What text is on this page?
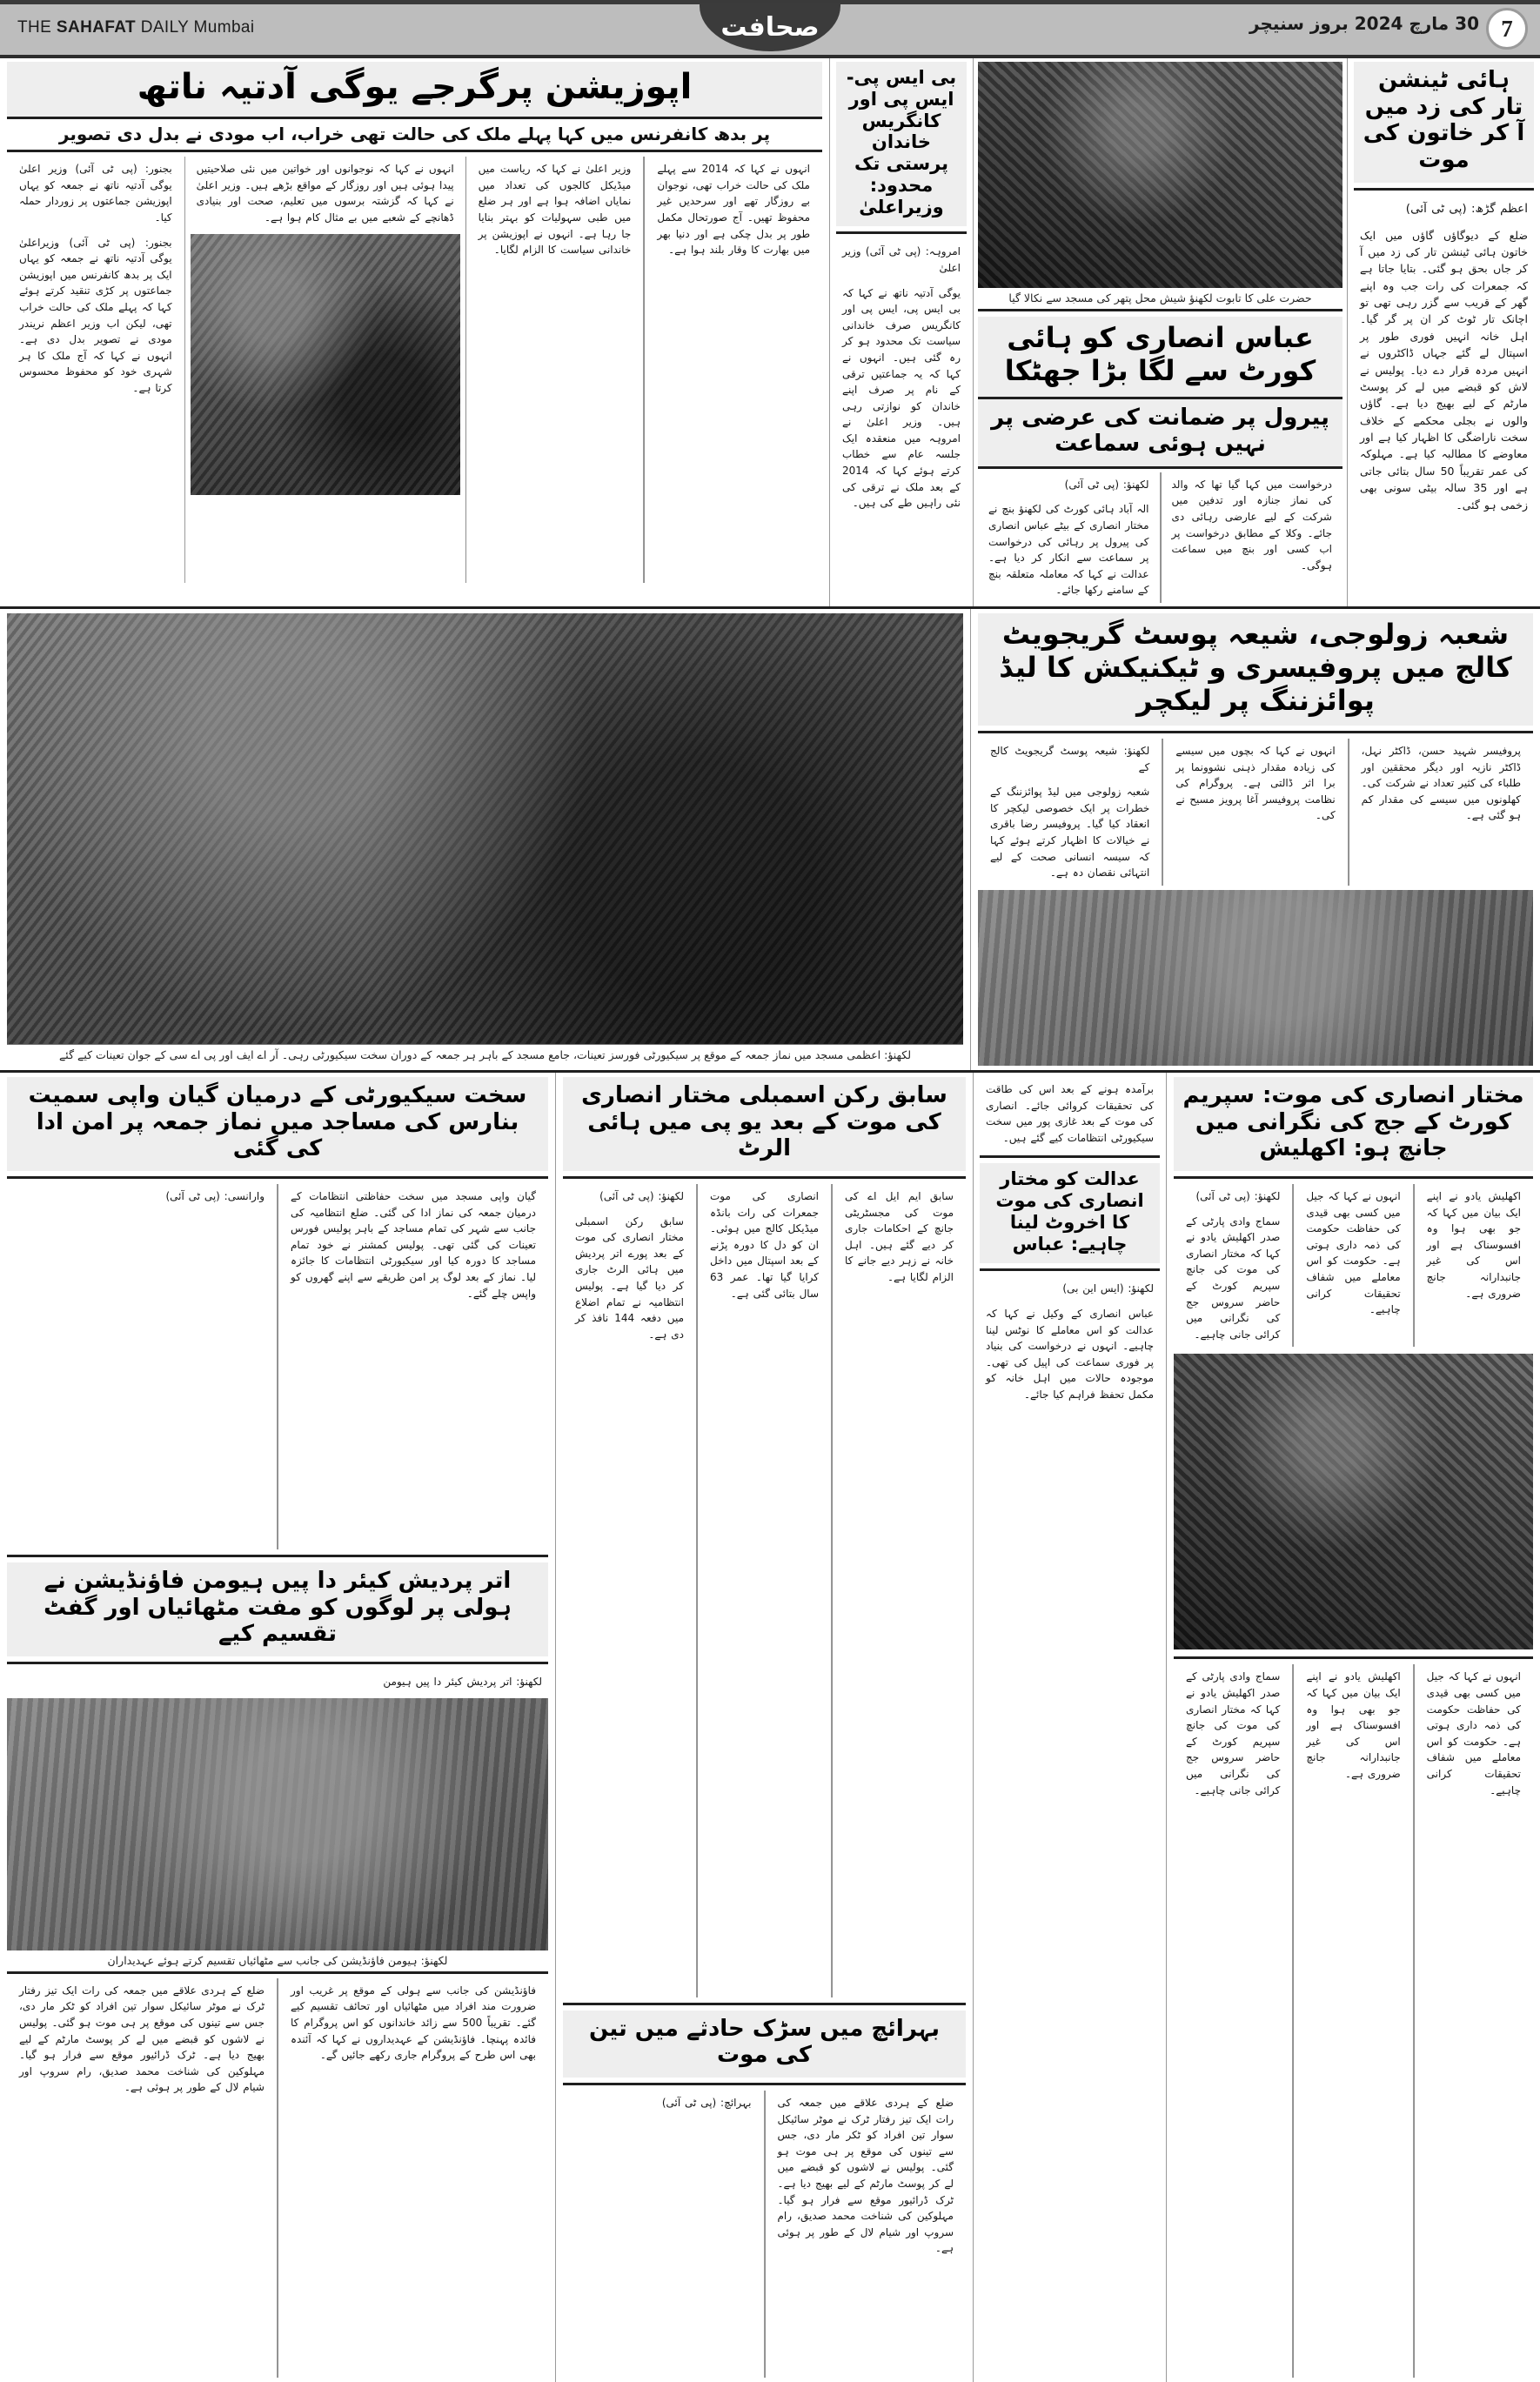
7
30 مارچ 2024 بروز سنیچر
صحافت
THE SAHAFAT DAILY Mumbai
ہائی ٹینشن تار کی زد میں آ کر خاتون کی موت
اعظم گڑھ: (پی ٹی آئی)
ضلع کے دیوگاؤں گاؤں میں ایک خاتون ہائی ٹینشن تار کی زد میں آ کر جاں بحق ہو گئی۔ بتایا جاتا ہے کہ جمعرات کی رات جب وہ اپنے گھر کے قریب سے گزر رہی تھی تو اچانک تار ٹوٹ کر ان پر گر گیا۔ اہل خانہ انہیں فوری طور پر اسپتال لے گئے جہاں ڈاکٹروں نے انہیں مردہ قرار دے دیا۔ پولیس نے لاش کو قبضے میں لے کر پوسٹ مارٹم کے لیے بھیج دیا ہے۔ گاؤں والوں نے بجلی محکمے کے خلاف سخت ناراضگی کا اظہار کیا ہے اور معاوضے کا مطالبہ کیا ہے۔ مہلوکہ کی عمر تقریباً 50 سال بتائی جاتی ہے اور 35 سالہ بیٹی سونی بھی زخمی ہو گئی۔
حضرت علی کا تابوت لکھنؤ شیش محل پتھر کی مسجد سے نکالا گیا
عباس انصاری کو ہائی کورٹ سے لگا بڑا جھٹکا
پیرول پر ضمانت کی عرضی پر نہیں ہوئی سماعت
درخواست میں کہا گیا تھا کہ والد کی نماز جنازہ اور تدفین میں شرکت کے لیے عارضی رہائی دی جائے۔ وکلا کے مطابق درخواست پر اب کسی اور بنچ میں سماعت ہوگی۔
لکھنؤ: (پی ٹی آئی)
الہ آباد ہائی کورٹ کی لکھنؤ بنچ نے مختار انصاری کے بیٹے عباس انصاری کی پیرول پر رہائی کی درخواست پر سماعت سے انکار کر دیا ہے۔ عدالت نے کہا کہ معاملہ متعلقہ بنچ کے سامنے رکھا جائے۔
بی ایس پی-ایس پی اور کانگریس خاندان پرستی تک محدود: وزیراعلیٰ
امروہہ: (پی ٹی آئی) وزیر اعلیٰ
یوگی آدتیہ ناتھ نے کہا کہ بی ایس پی، ایس پی اور کانگریس صرف خاندانی سیاست تک محدود ہو کر رہ گئی ہیں۔ انہوں نے کہا کہ یہ جماعتیں ترقی کے نام پر صرف اپنے خاندان کو نوازتی رہی ہیں۔ وزیر اعلیٰ نے امروہہ میں منعقدہ ایک جلسہ عام سے خطاب کرتے ہوئے کہا کہ 2014 کے بعد ملک نے ترقی کی نئی راہیں طے کی ہیں۔
اپوزیشن پرگرجے یوگی آدتیہ ناتھ
پر بدھ کانفرنس میں کہا پہلے ملک کی حالت تھی خراب، اب مودی نے بدل دی تصویر
انہوں نے کہا کہ 2014 سے پہلے ملک کی حالت خراب تھی، نوجوان بے روزگار تھے اور سرحدیں غیر محفوظ تھیں۔ آج صورتحال مکمل طور پر بدل چکی ہے اور دنیا بھر میں بھارت کا وقار بلند ہوا ہے۔
وزیر اعلیٰ نے کہا کہ ریاست میں میڈیکل کالجوں کی تعداد میں نمایاں اضافہ ہوا ہے اور ہر ضلع میں طبی سہولیات کو بہتر بنایا جا رہا ہے۔ انہوں نے اپوزیشن پر خاندانی سیاست کا الزام لگایا۔
انہوں نے کہا کہ نوجوانوں اور خواتین میں نئی صلاحیتیں پیدا ہوئی ہیں اور روزگار کے مواقع بڑھے ہیں۔ وزیر اعلیٰ نے کہا کہ گزشتہ برسوں میں تعلیم، صحت اور بنیادی ڈھانچے کے شعبے میں بے مثال کام ہوا ہے۔
بجنور: (پی ٹی آئی) وزیر اعلیٰ یوگی آدتیہ ناتھ نے جمعہ کو یہاں اپوزیشن جماعتوں پر زوردار حملہ کیا۔
بجنور: (پی ٹی آئی) وزیراعلیٰ یوگی آدتیہ ناتھ نے جمعہ کو یہاں ایک پر بدھ کانفرنس میں اپوزیشن جماعتوں پر کڑی تنقید کرتے ہوئے کہا کہ پہلے ملک کی حالت خراب تھی، لیکن اب وزیر اعظم نریندر مودی نے تصویر بدل دی ہے۔ انہوں نے کہا کہ آج ملک کا ہر شہری خود کو محفوظ محسوس کرتا ہے۔
شعبہ زولوجی، شیعہ پوسٹ گریجویٹ کالج میں پروفیسری و ٹیکنیکش کا لیڈ پوائزننگ پر لیکچر
پروفیسر شہید حسن، ڈاکٹر نہل، ڈاکٹر نازیہ اور دیگر محققین اور طلباء کی کثیر تعداد نے شرکت کی۔ کھلونوں میں سیسے کی مقدار کم ہو گئی ہے۔
انہوں نے کہا کہ بچوں میں سیسے کی زیادہ مقدار ذہنی نشوونما پر برا اثر ڈالتی ہے۔ پروگرام کی نظامت پروفیسر آغا پرویز مسیح نے کی۔
لکھنؤ: شیعہ پوسٹ گریجویٹ کالج کے
شعبہ زولوجی میں لیڈ پوائزننگ کے خطرات پر ایک خصوصی لیکچر کا انعقاد کیا گیا۔ پروفیسر رضا باقری نے خیالات کا اظہار کرتے ہوئے کہا کہ سیسہ انسانی صحت کے لیے انتہائی نقصان دہ ہے۔
لکھنؤ: اعظمی مسجد میں نماز جمعہ کے موقع پر سیکیورٹی فورسز تعینات، جامع مسجد کے باہر ہر جمعہ کے دوران سخت سیکیورٹی رہی۔ آر اے ایف اور پی اے سی کے جوان تعینات کیے گئے
مختار انصاری کی موت: سپریم کورٹ کے جج کی نگرانی میں جانچ ہو: اکھلیش
اکھلیش یادو نے اپنے ایک بیان میں کہا کہ جو بھی ہوا وہ افسوسناک ہے اور اس کی غیر جانبدارانہ جانچ ضروری ہے۔
انہوں نے کہا کہ جیل میں کسی بھی قیدی کی حفاظت حکومت کی ذمہ داری ہوتی ہے۔ حکومت کو اس معاملے میں شفاف تحقیقات کرانی چاہیے۔
لکھنؤ: (پی ٹی آئی)
سماج وادی پارٹی کے صدر اکھلیش یادو نے کہا کہ مختار انصاری کی موت کی جانچ سپریم کورٹ کے حاضر سروس جج کی نگرانی میں کرائی جانی چاہیے۔
انہوں نے کہا کہ جیل میں کسی بھی قیدی کی حفاظت حکومت کی ذمہ داری ہوتی ہے۔ حکومت کو اس معاملے میں شفاف تحقیقات کرانی چاہیے۔
اکھلیش یادو نے اپنے ایک بیان میں کہا کہ جو بھی ہوا وہ افسوسناک ہے اور اس کی غیر جانبدارانہ جانچ ضروری ہے۔
سماج وادی پارٹی کے صدر اکھلیش یادو نے کہا کہ مختار انصاری کی موت کی جانچ سپریم کورٹ کے حاضر سروس جج کی نگرانی میں کرائی جانی چاہیے۔
برآمدہ ہونے کے بعد اس کی طاقت کی تحقیقات کروائی جائے۔ انصاری کی موت کے بعد غازی پور میں سخت سیکیورٹی انتظامات کیے گئے ہیں۔
عدالت کو مختار انصاری کی موت کا اخروٹ لینا چاہیے: عباس
لکھنؤ: (ایس این بی)
عباس انصاری کے وکیل نے کہا کہ عدالت کو اس معاملے کا نوٹس لینا چاہیے۔ انہوں نے درخواست کی بنیاد پر فوری سماعت کی اپیل کی تھی۔ موجودہ حالات میں اہل خانہ کو مکمل تحفظ فراہم کیا جائے۔
سابق رکن اسمبلی مختار انصاری کی موت کے بعد یو پی میں ہائی الرٹ
سابق ایم ایل اے کی موت کی مجسٹریٹی جانچ کے احکامات جاری کر دیے گئے ہیں۔ اہل خانہ نے زہر دیے جانے کا الزام لگایا ہے۔
انصاری کی موت جمعرات کی رات بانڈہ میڈیکل کالج میں ہوئی۔ ان کو دل کا دورہ پڑنے کے بعد اسپتال میں داخل کرایا گیا تھا۔ عمر 63 سال بتائی گئی ہے۔
لکھنؤ: (پی ٹی آئی)
سابق رکن اسمبلی مختار انصاری کی موت کے بعد پورے اتر پردیش میں ہائی الرٹ جاری کر دیا گیا ہے۔ پولیس انتظامیہ نے تمام اضلاع میں دفعہ 144 نافذ کر دی ہے۔
بہرائچ میں سڑک حادثے میں تین کی موت
ضلع کے ہردی علاقے میں جمعہ کی رات ایک تیز رفتار ٹرک نے موٹر سائیکل سوار تین افراد کو ٹکر مار دی، جس سے تینوں کی موقع پر ہی موت ہو گئی۔ پولیس نے لاشوں کو قبضے میں لے کر پوسٹ مارٹم کے لیے بھیج دیا ہے۔ ٹرک ڈرائیور موقع سے فرار ہو گیا۔ مہلوکین کی شناخت محمد صدیق، رام سروپ اور شیام لال کے طور پر ہوئی ہے۔
بہرائچ: (پی ٹی آئی)
سخت سیکیورٹی کے درمیان گیان واپی سمیت بنارس کی مساجد میں نماز جمعہ پر امن ادا کی گئی
گیان واپی مسجد میں سخت حفاظتی انتظامات کے درمیان جمعہ کی نماز ادا کی گئی۔ ضلع انتظامیہ کی جانب سے شہر کی تمام مساجد کے باہر پولیس فورس تعینات کی گئی تھی۔ پولیس کمشنر نے خود تمام مساجد کا دورہ کیا اور سیکیورٹی انتظامات کا جائزہ لیا۔ نماز کے بعد لوگ پر امن طریقے سے اپنے گھروں کو واپس چلے گئے۔
وارانسی: (پی ٹی آئی)
اتر پردیش کیئر دا پیں ہیومن فاؤنڈیشن نے ہولی پر لوگوں کو مفت مٹھائیاں اور گفٹ تقسیم کیے
لکھنؤ: اتر پردیش کیئر دا پیں ہیومن
لکھنؤ: ہیومن فاؤنڈیشن کی جانب سے مٹھائیاں تقسیم کرتے ہوئے عہدیداران
فاؤنڈیشن کی جانب سے ہولی کے موقع پر غریب اور ضرورت مند افراد میں مٹھائیاں اور تحائف تقسیم کیے گئے۔ تقریباً 500 سے زائد خاندانوں کو اس پروگرام کا فائدہ پہنچا۔ فاؤنڈیشن کے عہدیداروں نے کہا کہ آئندہ بھی اس طرح کے پروگرام جاری رکھے جائیں گے۔
ضلع کے ہردی علاقے میں جمعہ کی رات ایک تیز رفتار ٹرک نے موٹر سائیکل سوار تین افراد کو ٹکر مار دی، جس سے تینوں کی موقع پر ہی موت ہو گئی۔ پولیس نے لاشوں کو قبضے میں لے کر پوسٹ مارٹم کے لیے بھیج دیا ہے۔ ٹرک ڈرائیور موقع سے فرار ہو گیا۔ مہلوکین کی شناخت محمد صدیق، رام سروپ اور شیام لال کے طور پر ہوئی ہے۔
